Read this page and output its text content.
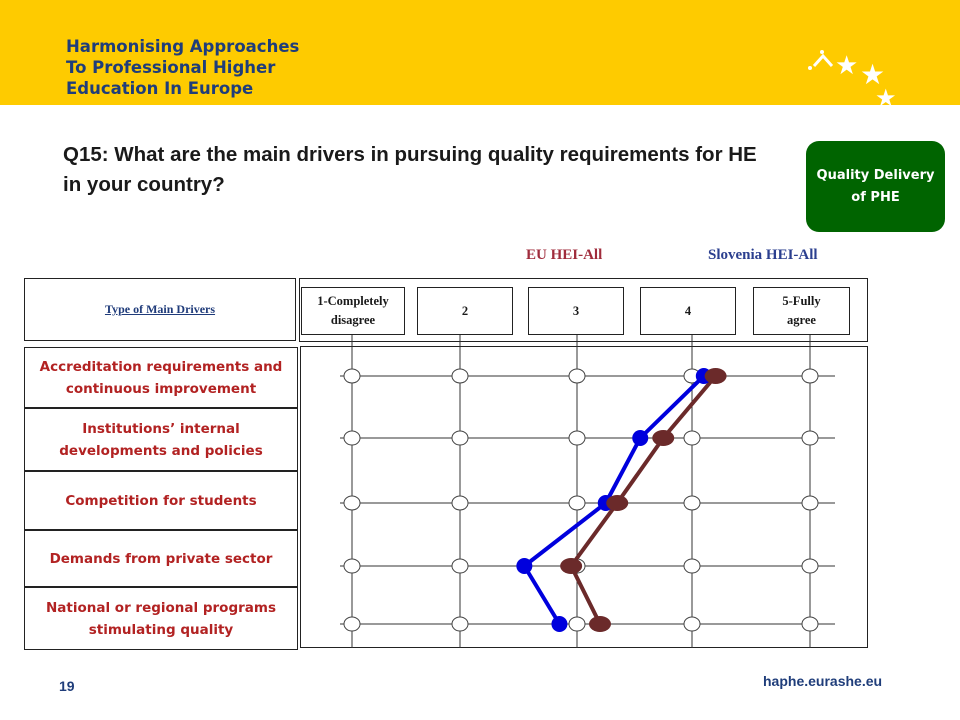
Harmonising Approaches
To Professional Higher
Education In Europe
★ ★
★
Q15: What are the main drivers in pursuing quality requirements for HE in your country?	Quality Delivery
of PHE
EU HEI-All	Slovenia HEI-All
Type of Main Drivers
1-Completely
disagree
2	3	4
5-Fully
agree
Accreditation requirements and
continuous improvement
Institutions’ internal
developments and policies
Competition for students
Demands from private sector
National or regional programs
stimulating quality
19	haphe.eurashe.eu
